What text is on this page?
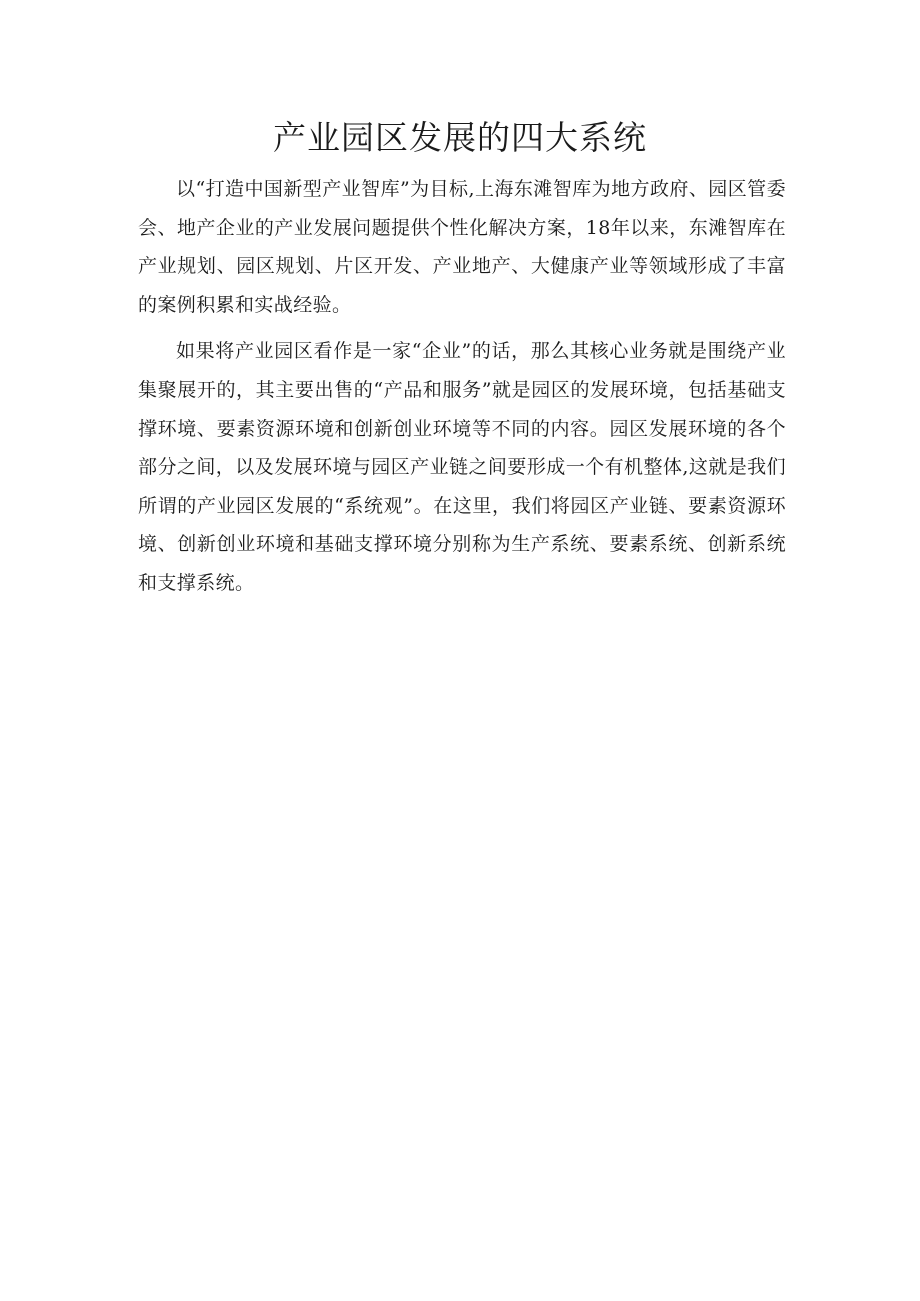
产业园区发展的四大系统

以“打造中国新型产业智库”为目标,上海东滩智库为地方政府、园区管委会、地产企业的产业发展问题提供个性化解决方案，18年以来，东滩智库在产业规划、园区规划、片区开发、产业地产、大健康产业等领域形成了丰富的案例积累和实战经验。

如果将产业园区看作是一家“企业”的话，那么其核心业务就是围绕产业集聚展开的，其主要出售的“产品和服务”就是园区的发展环境，包括基础支撑环境、要素资源环境和创新创业环境等不同的内容。园区发展环境的各个部分之间，以及发展环境与园区产业链之间要形成一个有机整体,这就是我们所谓的产业园区发展的“系统观”。在这里，我们将园区产业链、要素资源环境、创新创业环境和基础支撑环境分别称为生产系统、要素系统、创新系统和支撑系统。
